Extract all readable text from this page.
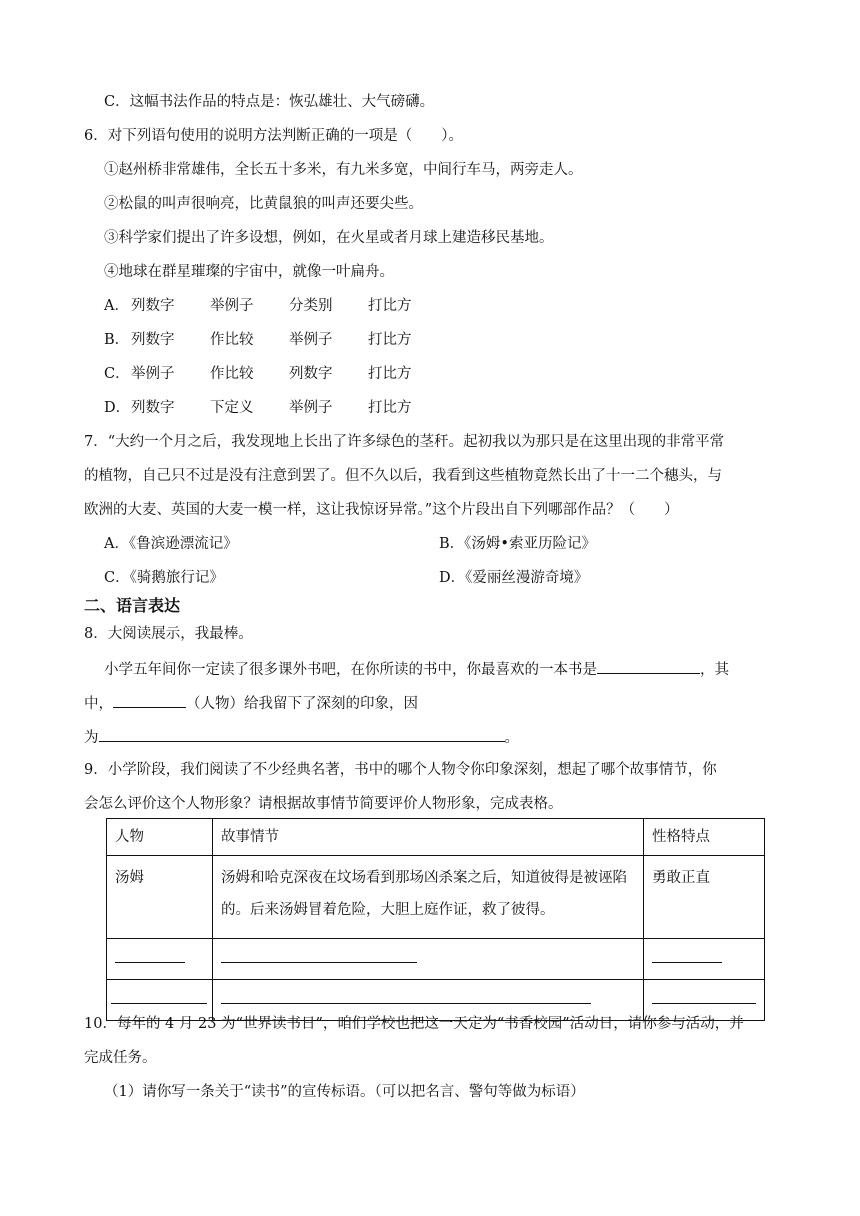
C．这幅书法作品的特点是：恢弘雄壮、大气磅礴。
6．对下列语句使用的说明方法判断正确的一项是（　　）。
①赵州桥非常雄伟，全长五十多米，有九米多宽，中间行车马，两旁走人。
②松鼠的叫声很响亮，比黄鼠狼的叫声还要尖些。
③科学家们提出了许多设想，例如，在火星或者月球上建造移民基地。
④地球在群星璀璨的宇宙中，就像一叶扁舟。
A． 列数字 举例子 分类别 打比方
B． 列数字 作比较 举例子 打比方
C． 举例子 作比较 列数字 打比方
D． 列数字 下定义 举例子 打比方
7．“大约一个月之后，我发现地上长出了许多绿色的茎秆。起初我以为那只是在这里出现的非常平常
的植物，自己只不过是没有注意到罢了。但不久以后，我看到这些植物竟然长出了十一二个穗头，与
欧洲的大麦、英国的大麦一模一样，这让我惊讶异常。”这个片段出自下列哪部作品？（　　）
A．《鲁滨逊漂流记》	B．《汤姆•索亚历险记》
C．《骑鹅旅行记》	D．《爱丽丝漫游奇境》
二、语言表达
8．大阅读展示，我最棒。
小学五年间你一定读了很多课外书吧，在你所读的书中，你最喜欢的一本书是	，其
中，	（人物）给我留下了深刻的印象，因
为	。
9．小学阶段，我们阅读了不少经典名著，书中的哪个人物令你印象深刻，想起了哪个故事情节，你
会怎么评价这个人物形象？请根据故事情节简要评价人物形象，完成表格。
人物	故事情节	性格特点
汤姆	汤姆和哈克深夜在坟场看到那场凶杀案之后，知道彼得是被诬陷的。后来汤姆冒着危险，大胆上庭作证，救了彼得。	勇敢正直

10．每年的 4 月 23 为“世界读书日”，咱们学校也把这一天定为“书香校园”活动日，请你参与活动，并
完成任务。
（1）请你写一条关于“读书”的宣传标语。（可以把名言、警句等做为标语）
